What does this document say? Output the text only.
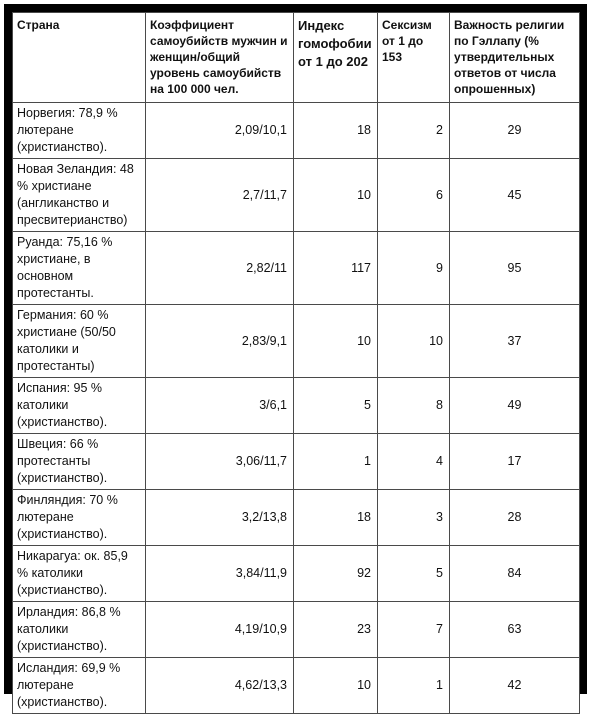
Страна	Коэффициент самоубийств мужчин и женщин/общий уровень самоубийств на 100 000 чел.	Индекс гомофобии от 1 до 202	Сексизм от 1 до 153	Важность религии по Гэллапу (% утвердительных ответов от числа опрошенных)
Норвегия: 78,9 % лютеране (христианство).	2,09/10,1	18	2	29
Новая Зеландия: 48 % христиане (англиканство и пресвитерианство)	2,7/11,7	10	6	45
Руанда: 75,16 % христиане, в основном протестанты.	2,82/11	117	9	95
Германия: 60 % христиане (50/50 католики и протестанты)	2,83/9,1	10	10	37
Испания: 95 % католики (христианство).	3/6,1	5	8	49
Швеция: 66 % протестанты (христианство).	3,06/11,7	1	4	17
Финляндия: 70 % лютеране (христианство).	3,2/13,8	18	3	28
Никарагуа: ок. 85,9 % католики (христианство).	3,84/11,9	92	5	84
Ирландия: 86,8 % католики (христианство).	4,19/10,9	23	7	63
Исландия: 69,9 % лютеране (христианство).	4,62/13,3	10	1	42
